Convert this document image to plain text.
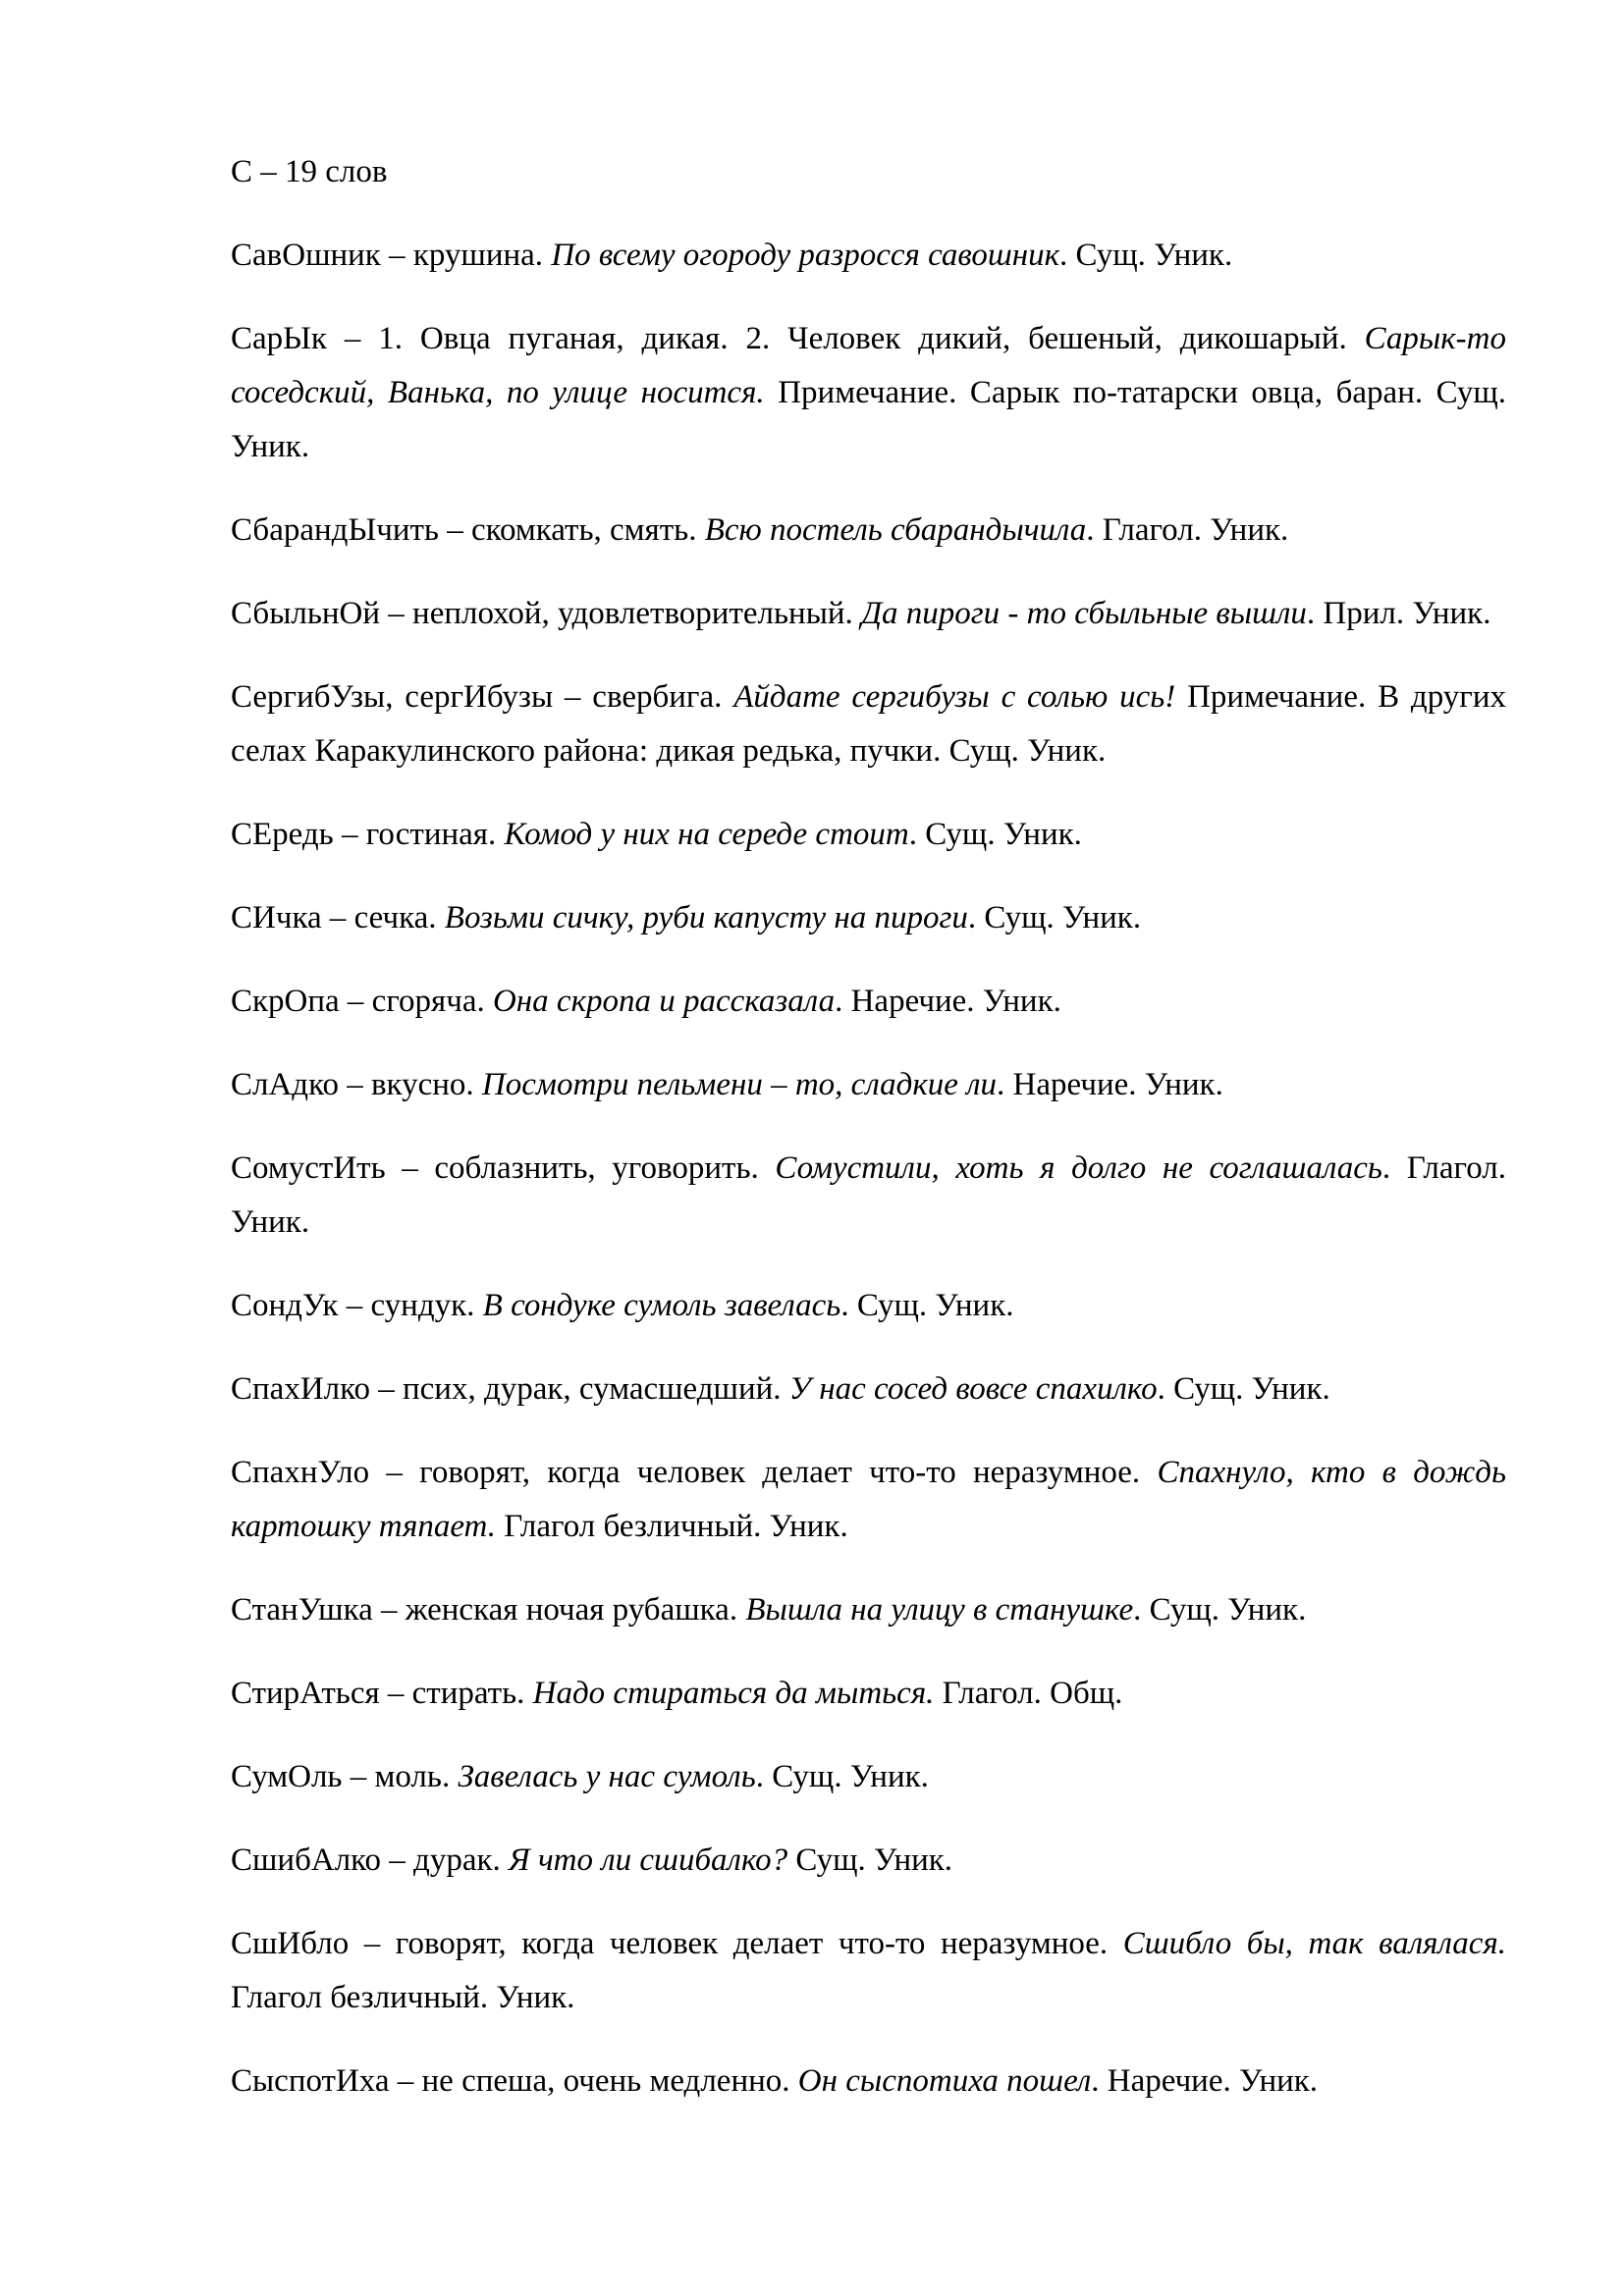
С – 19 слов

СавОшник – крушина. По всему огороду разросся савошник. Сущ. Уник.

СарЫк – 1. Овца пуганая, дикая. 2. Человек дикий, бешеный, дикошарый. Сарык-то соседский, Ванька, по улице носится. Примечание. Сарык по-татарски овца, баран. Сущ. Уник.

СбарандЫчить – скомкать, смять. Всю постель сбарандычила. Глагол. Уник.

СбыльнОй – неплохой, удовлетворительный. Да пироги - то сбыльные вышли. Прил. Уник.

СергибУзы, сергИбузы – свербига. Айдате сергибузы с солью ись! Примечание. В других селах Каракулинского района: дикая редька, пучки. Сущ. Уник.

СЕредь – гостиная. Комод у них на середе стоит. Сущ. Уник.

СИчка – сечка. Возьми сичку, руби капусту на пироги. Сущ. Уник.

СкрОпа – сгоряча. Она скропа и рассказала. Наречие. Уник.

СлАдко – вкусно. Посмотри пельмени – то, сладкие ли. Наречие. Уник.

СомустИть – соблазнить, уговорить. Сомустили, хоть я долго не соглашалась. Глагол. Уник.

СондУк – сундук. В сондуке сумоль завелась. Сущ. Уник.

СпахИлко – псих, дурак, сумасшедший. У нас сосед вовсе спахилко. Сущ. Уник.

СпахнУло – говорят, когда человек делает что-то неразумное. Спахнуло, кто в дождь картошку тяпает. Глагол безличный. Уник.

СтанУшка – женская ночая рубашка. Вышла на улицу в станушке. Сущ. Уник.

СтирАться – стирать. Надо стираться да мыться. Глагол. Общ.

СумОль – моль. Завелась у нас сумоль. Сущ. Уник.

СшибАлко – дурак. Я что ли сшибалко? Сущ. Уник.

СшИбло – говорят, когда человек делает что-то неразумное. Сшибло бы, так валялася. Глагол безличный. Уник.

СыспотИха – не спеша, очень медленно. Он сыспотиха пошел. Наречие. Уник.
